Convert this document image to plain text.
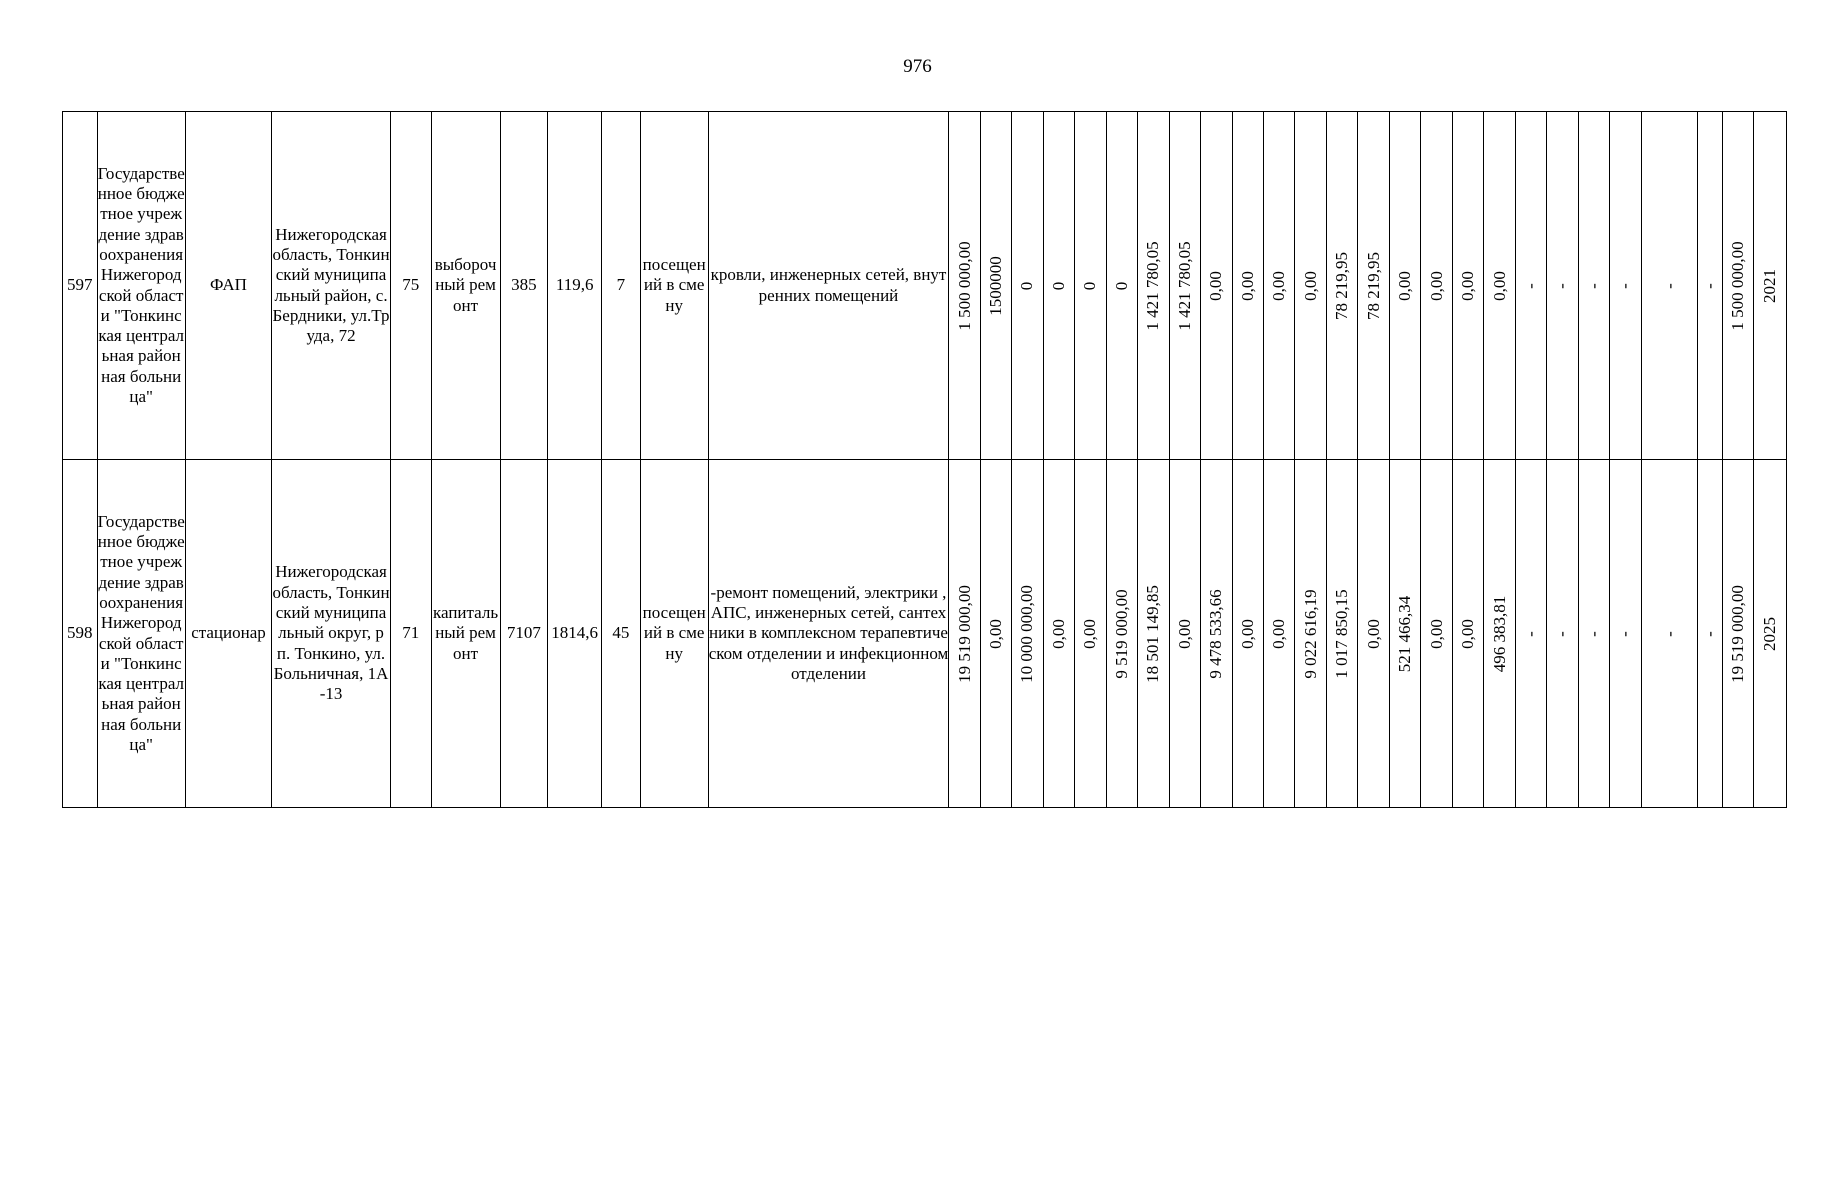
976
597	Государственное бюджетное учреждение здравоохранения Нижегородской области "Тонкинская центральная районная больница"	ФАП	Нижегородская область, Тонкинский муниципальный район, с. Бердники, ул.Труда, 72	75	выборочный ремонт	385	119,6	7	посещений в смену	кровли, инженерных сетей, внутренних помещений	1 500 000,00	1500000	0	0	0	0	1 421 780,05	1 421 780,05	0,00	0,00	0,00	0,00	78 219,95	78 219,95	0,00	0,00	0,00	0,00	-	-	-	-	-	-	1 500 000,00	2021

598	Государственное бюджетное учреждение здравоохранения Нижегородской области "Тонкинская центральная районная больница"	стационар	Нижегородская область, Тонкинский муниципальный округ, рп. Тонкино, ул.Больничная, 1А-13	71	капитальный ремонт	7107	1814,6	45	посещений в смену	-ремонт помещений, электрики ,АПС, инженерных сетей, сантехники в комплексном терапевтическом отделении и инфекционном отделении	19 519 000,00	0,00	10 000 000,00	0,00	0,00	9 519 000,00	18 501 149,85	0,00	9 478 533,66	0,00	0,00	9 022 616,19	1 017 850,15	0,00	521 466,34	0,00	0,00	496 383,81	-	-	-	-	-	-	19 519 000,00	2025
